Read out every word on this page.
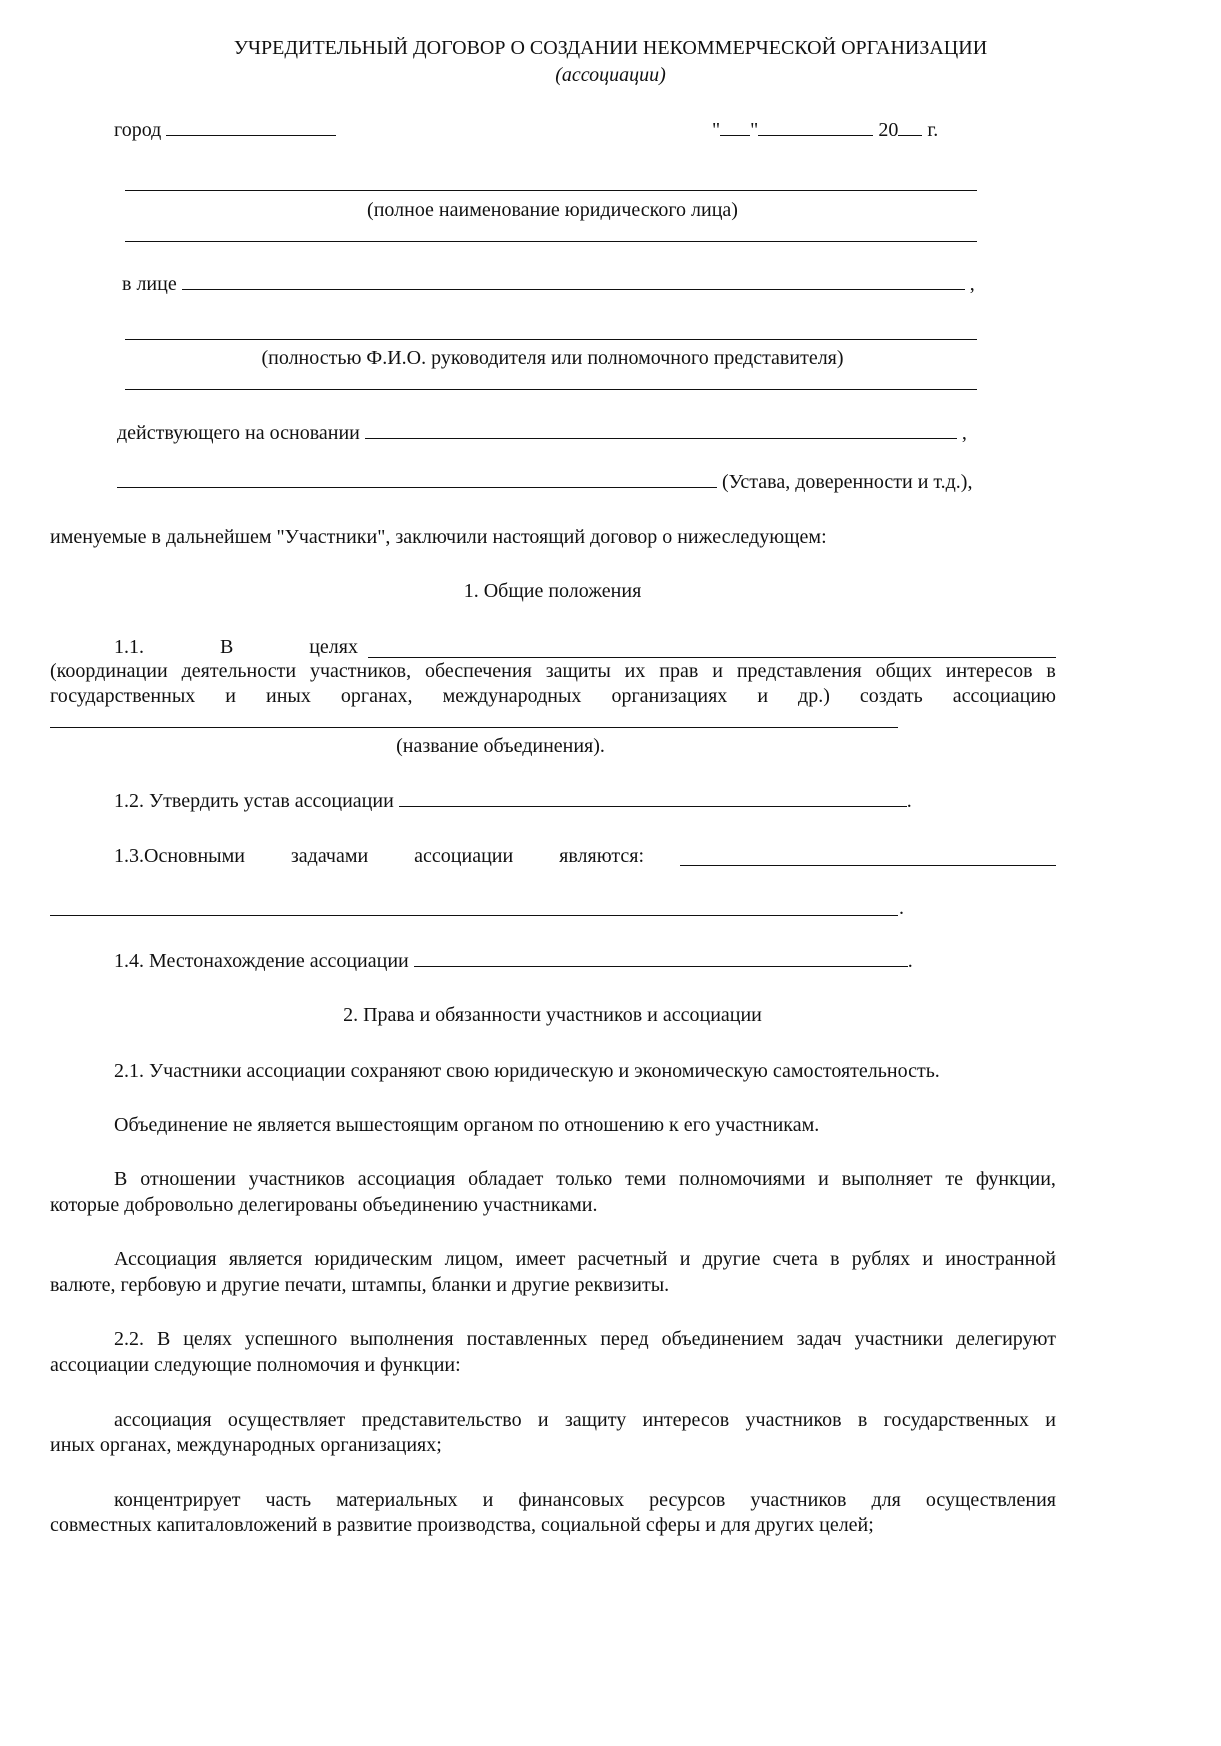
УЧРЕДИТЕЛЬНЫЙ ДОГОВОР О СОЗДАНИИ НЕКОММЕРЧЕСКОЙ ОРГАНИЗАЦИИ
(ассоциации)
город	" "	20 г.
(полное наименование юридического лица)
в лице	,
(полностью Ф.И.О. руководителя или полномочного представителя)
действующего на основании	,
(Устава, доверенности и т.д.),
именуемые в дальнейшем "Участники", заключили настоящий договор о нижеследующем:
1. Общие положения
1.1.	В	целях
(координации деятельности участников, обеспечения защиты их прав и представления общих интересов в
государственных и иных органах, международных организациях и др.) создать ассоциацию
(название объединения).
1.2. Утвердить устав ассоциации	.
1.3.Основными задачами ассоциации являются:
.
1.4. Местонахождение ассоциации	.
2. Права и обязанности участников и ассоциации
2.1. Участники ассоциации сохраняют свою юридическую и экономическую самостоятельность.
Объединение не является вышестоящим органом по отношению к его участникам.
В отношении участников ассоциация обладает только теми полномочиями и выполняет те функции,
которые добровольно делегированы объединению участниками.
Ассоциация является юридическим лицом, имеет расчетный и другие счета в рублях и иностранной
валюте, гербовую и другие печати, штампы, бланки и другие реквизиты.
2.2. В целях успешного выполнения поставленных перед объединением задач участники делегируют
ассоциации следующие полномочия и функции:
ассоциация осуществляет представительство и защиту интересов участников в государственных и
иных органах, международных организациях;
концентрирует часть материальных и финансовых ресурсов участников для осуществления
совместных капиталовложений в развитие производства, социальной сферы и для других целей;
